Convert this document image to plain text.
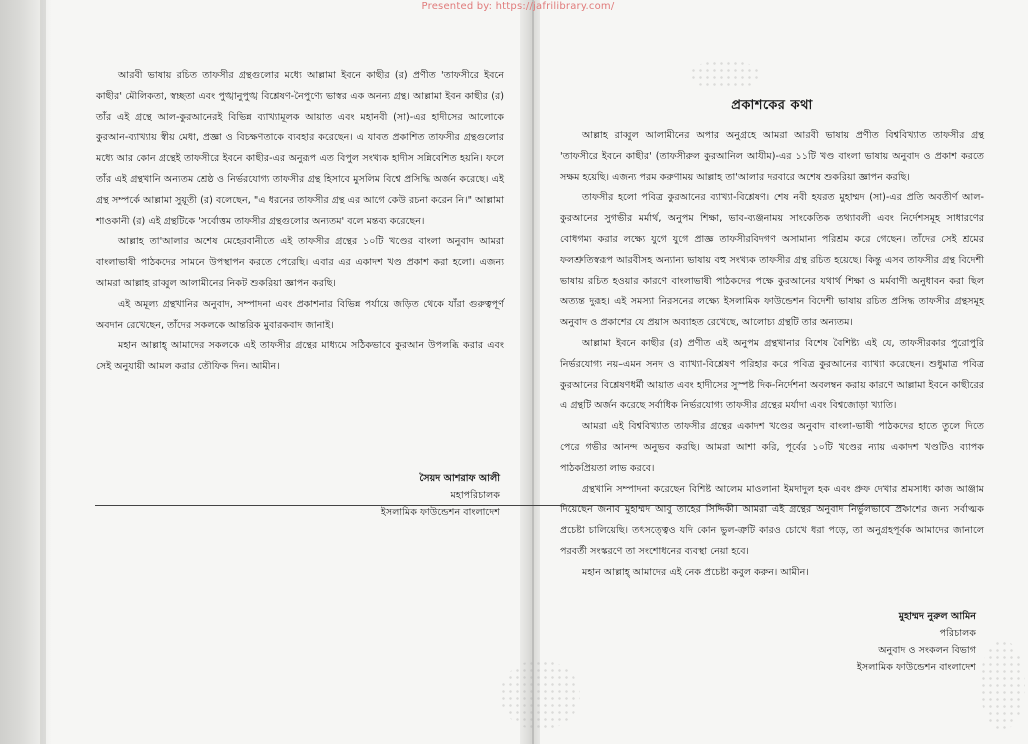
Presented by: https://jafrilibrary.com/

আরবী ভাষায় রচিত তাফসীর গ্রন্থগুলোর মধ্যে আল্লামা ইবনে কাছীর (র) প্রণীত 'তাফসীরে ইবনে কাছীর' মৌলিকতা, স্বচ্ছতা এবং পুঙ্খানুপুঙ্খ বিশ্লেষণ-নৈপুণ্যে ভাস্বর এক অনন্য গ্রন্থ। আল্লামা ইবন কাছীর (র) তাঁর এই গ্রন্থে আল-কুরআনেরই বিভিন্ন ব্যাখ্যামূলক আয়াত এবং মহানবী (সা)-এর হাদীসের আলোকে কুরআন-ব্যাখ্যায় স্বীয় মেধা, প্রজ্ঞা ও বিচক্ষণতাকে ব্যবহার করেছেন। এ যাবত প্রকাশিত তাফসীর গ্রন্থগুলোর মধ্যে আর কোন গ্রন্থেই তাফসীরে ইবনে কাছীর-এর অনুরূপ এত বিপুল সংখ্যক হাদীস সন্নিবেশিত হয়নি। ফলে তাঁর এই গ্রন্থখানি অন্যতম শ্রেষ্ঠ ও নির্ভরযোগ্য তাফসীর গ্রন্থ হিসাবে মুসলিম বিশ্বে প্রসিদ্ধি অর্জন করেছে। এই গ্রন্থ সম্পর্কে আল্লামা সুয়ূতী (র) বলেছেন, "এ ধরনের তাফসীর গ্রন্থ এর আগে কেউ রচনা করেন নি।" আল্লামা শাওকানী (র) এই গ্রন্থটিকে 'সর্বোত্তম তাফসীর গ্রন্থগুলোর অন্যতম' বলে মন্তব্য করেছেন।

আল্লাহ তা'আলার অশেষ মেহেরবানীতে এই তাফসীর গ্রন্থের ১০টি খণ্ডের বাংলা অনুবাদ আমরা বাংলাভাষী পাঠকদের সামনে উপস্থাপন করতে পেরেছি। এবার এর একাদশ খণ্ড প্রকাশ করা হলো। এজন্য আমরা আল্লাহ রাব্বুল আলামীনের নিকট শুকরিয়া জ্ঞাপন করছি।

এই অমূল্য গ্রন্থখানির অনুবাদ, সম্পাদনা এবং প্রকাশনার বিভিন্ন পর্যায়ে জড়িত থেকে যাঁরা গুরুত্বপূর্ণ অবদান রেখেছেন, তাঁদের সকলকে আন্তরিক মুবারকবাদ জানাই।

মহান আল্লাহ্ আমাদের সকলকে এই তাফসীর গ্রন্থের মাধ্যমে সঠিকভাবে কুরআন উপলব্ধি করার এবং সেই অনুযায়ী আমল করার তৌফিক দিন। আমীন।

সৈয়দ আশরাফ আলী
মহাপরিচালক
ইসলামিক ফাউন্ডেশন বাংলাদেশ
প্রকাশকের কথা

আল্লাহ রাব্বুল আলামীনের অপার অনুগ্রহে আমরা আরবী ভাষায় প্রণীত বিশ্ববিখ্যাত তাফসীর গ্রন্থ 'তাফসীরে ইবনে কাছীর' (তাফসীরুল কুরআনিল আযীম)-এর ১১টি খণ্ড বাংলা ভাষায় অনুবাদ ও প্রকাশ করতে সক্ষম হয়েছি। এজন্য পরম করুণাময় আল্লাহ তা'আলার দরবারে অশেষ শুকরিয়া জ্ঞাপন করছি।

তাফসীর হলো পবিত্র কুরআনের ব্যাখ্যা-বিশ্লেষণ। শেষ নবী হযরত মুহাম্মদ (সা)-এর প্রতি অবতীর্ণ আল-কুরআনের সুগভীর মর্মার্থ, অনুপম শিক্ষা, ভাব-ব্যঞ্জনাময় সাংকেতিক তথ্যাবলী এবং নির্দেশসমূহ সাধারণের বোধগম্য করার লক্ষ্যে যুগে যুগে প্রাজ্ঞ তাফসীরবিদগণ অসামান্য পরিশ্রম করে গেছেন। তাঁদের সেই শ্রমের ফলশ্রুতিস্বরূপ আরবীসহ অন্যান্য ভাষায় বহু সংখ্যক তাফসীর গ্রন্থ রচিত হয়েছে। কিন্তু এসব তাফসীর গ্রন্থ বিদেশী ভাষায় রচিত হওয়ার কারণে বাংলাভাষী পাঠকদের পক্ষে কুরআনের যথার্থ শিক্ষা ও মর্মবাণী অনুধাবন করা ছিল অত্যন্ত দুরূহ। এই সমস্যা নিরসনের লক্ষ্যে ইসলামিক ফাউন্ডেশন বিদেশী ভাষায় রচিত প্রসিদ্ধ তাফসীর গ্রন্থসমূহ অনুবাদ ও প্রকাশের যে প্রয়াস অব্যাহত রেখেছে, আলোচ্য গ্রন্থটি তার অন্যতম।

আল্লামা ইবনে কাছীর (র) প্রণীত এই অনুপম গ্রন্থখানার বিশেষ বৈশিষ্ট্য এই যে, তাফসীরকার পুরোপুরি নির্ভরযোগ্য নয়–এমন সনদ ও ব্যাখ্যা-বিশ্লেষণ পরিহার করে পবিত্র কুরআনের ব্যাখ্যা করেছেন। শুধুমাত্র পবিত্র কুরআনের বিশ্লেষণধর্মী আয়াত এবং হাদীসের সুস্পষ্ট দিক-নির্দেশনা অবলম্বন করায় কারণে আল্লামা ইবনে কাছীরের এ গ্রন্থটি অর্জন করেছে সর্বাধিক নির্ভরযোগ্য তাফসীর গ্রন্থের মর্যাদা এবং বিশ্বজোড়া খ্যাতি।

আমরা এই বিশ্ববিখ্যাত তাফসীর গ্রন্থের একাদশ খণ্ডের অনুবাদ বাংলা-ভাষী পাঠকদের হাতে তুলে দিতে পেরে গভীর আনন্দ অনুভব করছি। আমরা আশা করি, পূর্বের ১০টি খণ্ডের ন্যায় একাদশ খণ্ডটিও ব্যাপক পাঠকপ্রিয়তা লাভ করবে।

গ্রন্থখানি সম্পাদনা করেছেন বিশিষ্ট আলেম মাওলানা ইমদাদুল হক এবং প্রুফ দেখার শ্রমসাধ্য কাজ আঞ্জাম দিয়েছেন জনাব মুহাম্মদ আবু তাহের সিদ্দিকী। আমরা এই গ্রন্থের অনুবাদ নির্ভুলভাবে প্রকাশের জন্য সর্বাত্মক প্রচেষ্টা চালিয়েছি। তৎসত্ত্বেও যদি কোন ভুল-ত্রুটি কারও চোখে ধরা পড়ে, তা অনুগ্রহপূর্বক আমাদের জানালে পরবর্তী সংস্করণে তা সংশোধনের ব্যবস্থা নেয়া হবে।

মহান আল্লাহ্ আমাদের এই নেক প্রচেষ্টা কবুল করুন। আমীন।

মুহাম্মদ নুরুল আমিন
পরিচালক
অনুবাদ ও সংকলন বিভাগ
ইসলামিক ফাউন্ডেশন বাংলাদেশ
